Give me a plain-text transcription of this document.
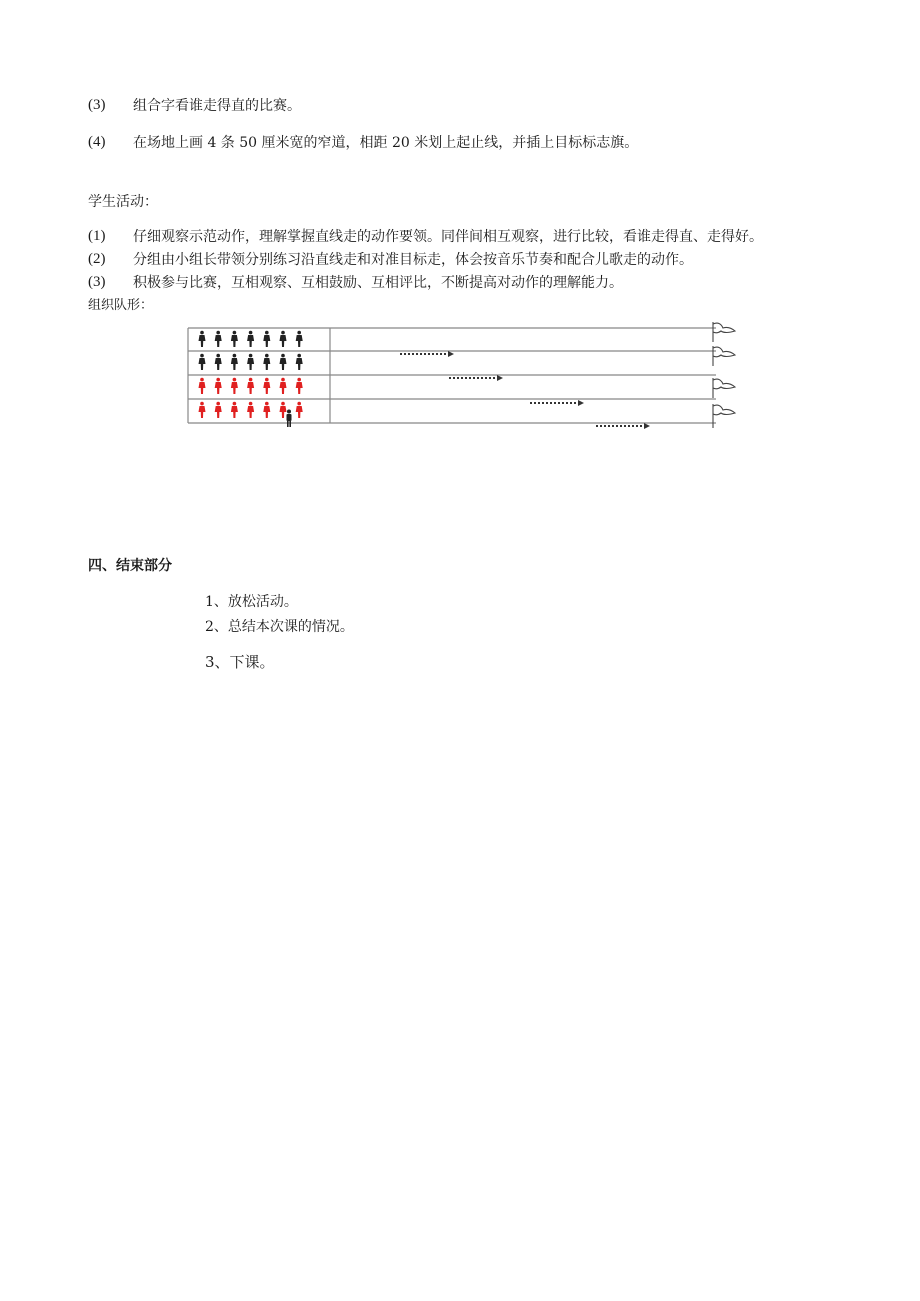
(3) 组合字看谁走得直的比赛。
(4) 在场地上画 4 条 50 厘米宽的窄道，相距 20 米划上起止线，并插上目标标志旗。
学生活动：
(1) 仔细观察示范动作，理解掌握直线走的动作要领。同伴间相互观察，进行比较，看谁走得直、走得好。
(2) 分组由小组长带领分别练习沿直线走和对准目标走，体会按音乐节奏和配合儿歌走的动作。
(3) 积极参与比赛，互相观察、互相鼓励、互相评比，不断提高对动作的理解能力。
组织队形：
四、结束部分
1、放松活动。
2、总结本次课的情况。
3、下课。
